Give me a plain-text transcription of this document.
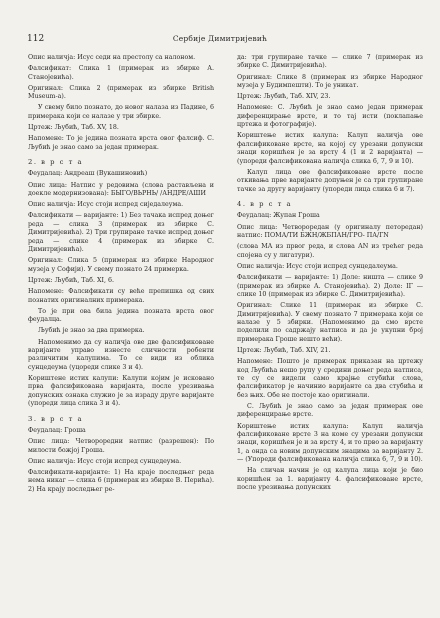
112	Сербије Димитријевић

Опис наличја: Исус седи на престолу са налоном.

Фалсификат: Слика 1 (примерак из збирке А. Станојевића).

Оригинал: Слика 2 (примерак из збирке British Museum-a).

У свему било познато, до новог налаза из Падине, 6 примерака који се налазе у три збирке.

Цртеж: Љубић, Таб. XV, 18.

Напомене: То је једина позната врста овог фалсиф. С. Љубић је знао само за један примерак.

2. в р с т а

Феудалац: Андреаш (Вукашиновић)

Опис лица: Натпис у редовима (слова растављена и доекле модернизована): БЫГО/ВЬРНЬ/ /АНДРЕ/АШИ

Опис наличја: Исус стоји испред сиједалеума.

Фалсификати — варијанте: 1) Без тачака испред доњег реда — слика 3 (примерак из збирке С. Димитријевића). 2) Три групиране тачке испред доњег реда — слике 4 (примерак из збирке С. Димитријевића).

Оригинал: Слика 5 (примерак из збирке Народног музеја у Софији). У свему познато 24 примерка.

Цртеж: Љубић, Таб. XI, 6.

Напомене: Фалсификати су веће препишка од свих познатих оригиналних примерака.

То је при ова била једина позната врста овог феудалца.

Љубић је знао за два примерка.

Напоменимо да су наличја ове две фалсификоване варијанте управо изнесте сличности робенти различитим калупима. То се види из облика сунцедеума (уцореди слике 3 и 4).

Кориштене истих калупи: Калупи којим је исковано прва фалсификована варијанта, после урезивања допунских ознака служио је за израду друге варијанте (упореди лица слика 3 и 4).

3. в р с т а

Феудалац: Гроша

Опис лица: Четвороредни натпис (разрешен): По милости божјој Гроша.

Опис наличја: Исус стоји испред сунцедеума.

Фалсификати-варијанте: 1) На краје последњег реда нема никаг — слика 6 (примерак из збирке В. Перића). 2) На крају последњег ре-

да: три групиране тачке — слике 7 (примерак из збирке С. Димитријевића).

Оригинал: Слике 8 (примерак из збирке Народног музеја у Будимпешти). То је уникат.

Цртеж: Љубић, Таб. XIV, 23.

Напомене: С. Љубић је знао само један примерак диференцирање врсте, и то тај исти (поклапање цртежа и фотографије).

Кориштење истих калупа: Калуп наличја ове фалсификоване врсте, на којој су урезани допунски знаци коришћен је за врсту 4 (1 и 2 варијанта) — (упореди фалсификована наличја слика 6, 7, 9 и 10).

Калуп лица ове фалсификоване врсте после откивања прве варијанте допуњен је са три групиране тачке за другу варијанту (упореди лица слика 6 и 7).

4. в р с т а

Феудалац: Жупан Гроша

Опис лица: Четвороредан (у оригиналу петоредан) натпис: ПОМА/ТИ БЖН/ЖБПАН/ГРО- ПА/ГN

(слова МА из првог реда, и слова АN из трећег реда спојена су у лигатури).

Опис наличја: Исус стоји испред сунцедалеума.

Фалсификати — варијанте: 1) Доле: ништа — слике 9 (примерак из збирке А. Станојевића). 2) Доле: IΓ — слике 10 (примерак из збирке С. Димитријевића).

Оригинал: Слике 11 (примерак из збирке С. Димитријевића). У свему познато 7 примерака који се налазе у 5 збирки. (Напоменимо да смо врсте поделили по садржају натписа и да је укупни број примерака Гроше нешто већи).

Цртеж: Љубић, Таб. XIV, 21.

Напомене: Пошто је примерак приказан на цртежу код Љубића нешо рупу у средини доњег реда натписа, те су се видели само крајње стубићи слова, фалсификатор је начинио варијанте са два стубића и без њих. Обе не постоје као оригинали.

С. Љубић је знао само за један примерак ове диференцирање врсте.

Кориштење истих калупа: Калуп наличја фалсификоване врсте 3 на коме су урезани допунски знаци, коришћен је и за врсту 4, и то прво за варијанту 1, а онда са новим допунским знацима за варијанту 2. — (Упореди фалсификована наличја слика 6, 7, 9 и 10).

На сличан начин је од калупа лица који је био коришћен за 1. варијанту 4. фалсификоване врсте, после урезивања допунских
